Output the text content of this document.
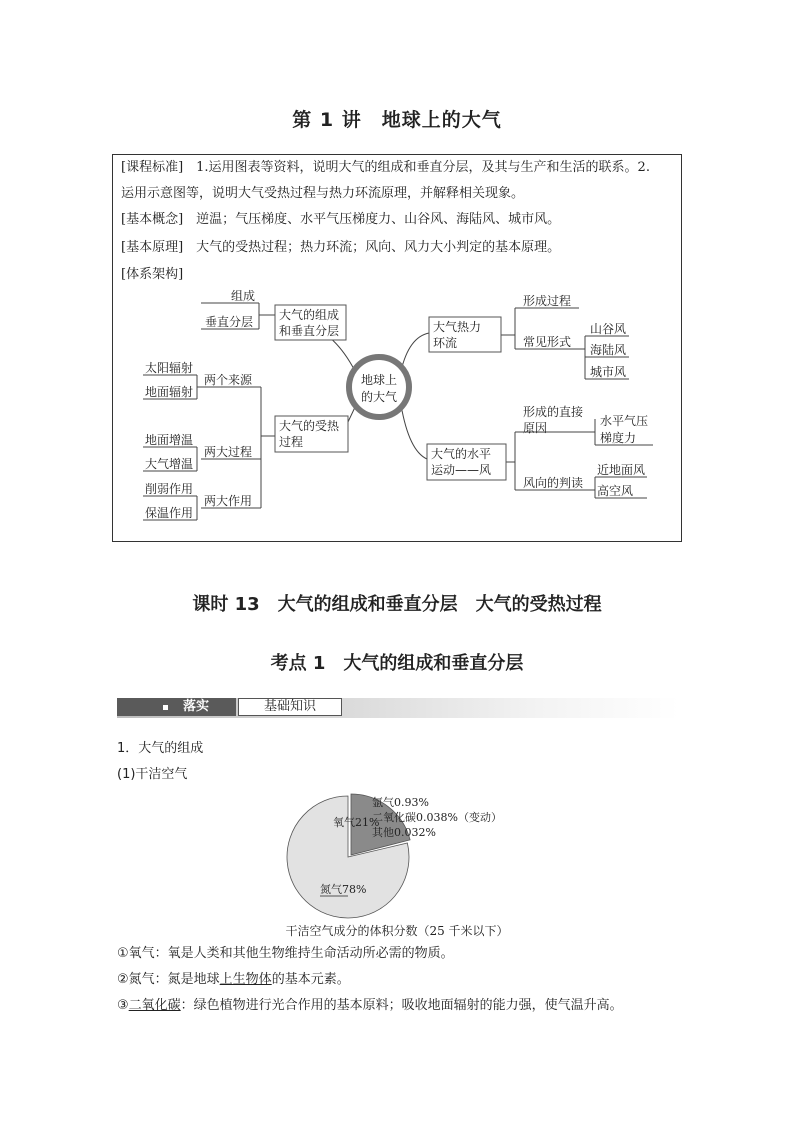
第 1 讲　地球上的大气

[课程标准]　1.运用图表等资料，说明大气的组成和垂直分层，及其与生产和生活的联系。2.

运用示意图等，说明大气受热过程与热力环流原理，并解释相关现象。

[基本概念]　逆温；气压梯度、水平气压梯度力、山谷风、海陆风、城市风。

[基本原理]　大气的受热过程；热力环流；风向、风力大小判定的基本原理。

[体系架构]

地球上
的大气
大气的组成
和垂直分层
组成
垂直分层
大气的受热
过程
两个来源
太阳辐射
地面辐射
两大过程
地面增温
大气增温
两大作用
削弱作用
保温作用
大气热力
环流
形成过程
常见形式
山谷风
海陆风
城市风
大气的水平
运动——风
形成的直接
原因	水平气压
梯度力
风向的判读
近地面风
高空风
课时 13　大气的组成和垂直分层　大气的受热过程
考点 1　大气的组成和垂直分层
落实	基础知识
1．大气的组成
(1)干洁空气
氧气21%
氮气78%
氩气0.93%
二氧化碳0.038%（变动）
其他0.032%
干洁空气成分的体积分数（25 千米以下）
①氧气：氧是人类和其他生物维持生命活动所必需的物质。
②氮气：氮是地球上生物体的基本元素。
③二氧化碳：绿色植物进行光合作用的基本原料；吸收地面辐射的能力强，使气温升高。
